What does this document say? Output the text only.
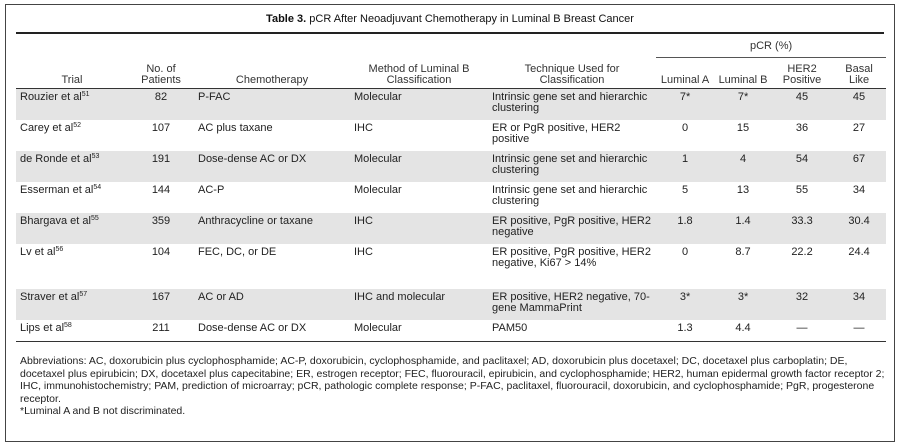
Table 3. pCR After Neoadjuvant Chemotherapy in Luminal B Breast Cancer
					pCR (%)			
Trial	No. of Patients	Chemotherapy	Method of Luminal B Classification	Technique Used for Classification	Luminal A	Luminal B	HER2 Positive	Basal Like
Rouzier et $al^{51}$	82	P-FAC	Molecular	Intrinsic gene set and hierarchic clustering	7*	7*	45	45
Carey et $al^{52}$	107	AC plus taxane	IHC	ER or PgR positive, HER2 positive	0	15	36	27
de Ronde et $al^{53}$	191	Dose-dense AC or DX	Molecular	Intrinsic gene set and hierarchic clustering	1	4	54	67
Esserman et $al^{54}$	144	AC-P	Molecular	Intrinsic gene set and hierarchic clustering	5	13	55	34
Bhargava et $al^{55}$	359	Anthracycline or taxane	IHC	ER positive, PgR positive, HER2 negative	1.8	1.4	33.3	30.4
Lv et $al^{56}$	104	FEC, DC, or DE	IHC	ER positive, PgR positive, HER2 negative, Ki67 > 14%	0	8.7	22.2	24.4
Straver et $al^{57}$	167	AC or AD	IHC and molecular	ER positive, HER2 negative, 70-gene MammaPrint	3*	3*	32	34
Lips et $al^{58}$	211	Dose-dense AC or DX	Molecular	PAM50	1.3	4.4	—	—

Abbreviations: AC, doxorubicin plus cyclophosphamide; AC-P, doxorubicin, cyclophosphamide, and paclitaxel; AD, doxorubicin plus docetaxel; DC, docetaxel plus carboplatin; DE, docetaxel plus epirubicin; DX, docetaxel plus capecitabine; ER, estrogen receptor; FEC, fluorouracil, epirubicin, and cyclophosphamide; HER2, human epidermal growth factor receptor 2; IHC, immunohistochemistry; PAM, prediction of microarray; pCR, pathologic complete response; P-FAC, paclitaxel, fluorouracil, doxorubicin, and cyclophosphamide; PgR, progesterone receptor.

*Luminal A and B not discriminated.
